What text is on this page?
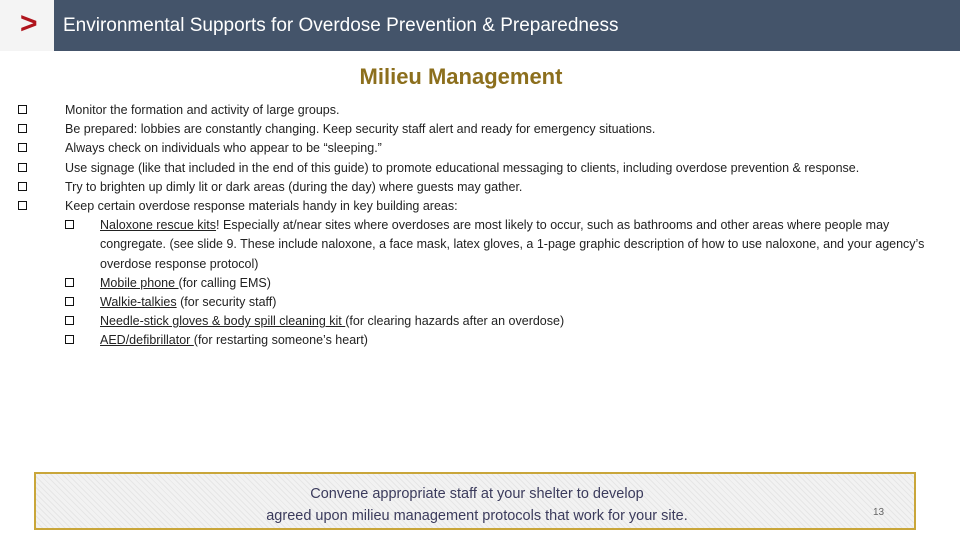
> Environmental Supports for Overdose Prevention & Preparedness
Milieu Management
Monitor the formation and activity of large groups.
Be prepared: lobbies are constantly changing. Keep security staff alert and ready for emergency situations.
Always check on individuals who appear to be “sleeping.”
Use signage (like that included in the end of this guide) to promote educational messaging to clients, including overdose prevention & response.
Try to brighten up dimly lit or dark areas (during the day) where guests may gather.
Keep certain overdose response materials handy in key building areas:
Naloxone rescue kits! Especially at/near sites where overdoses are most likely to occur, such as bathrooms and other areas where people may congregate. (see slide 9. These include naloxone, a face mask, latex gloves, a 1-page graphic description of how to use naloxone, and your agency’s overdose response protocol)
Mobile phone (for calling EMS)
Walkie-talkies (for security staff)
Needle-stick gloves & body spill cleaning kit (for clearing hazards after an overdose)
AED/defibrillator (for restarting someone’s heart)
Convene appropriate staff at your shelter to develop
agreed upon milieu management protocols that work for your site.	13
